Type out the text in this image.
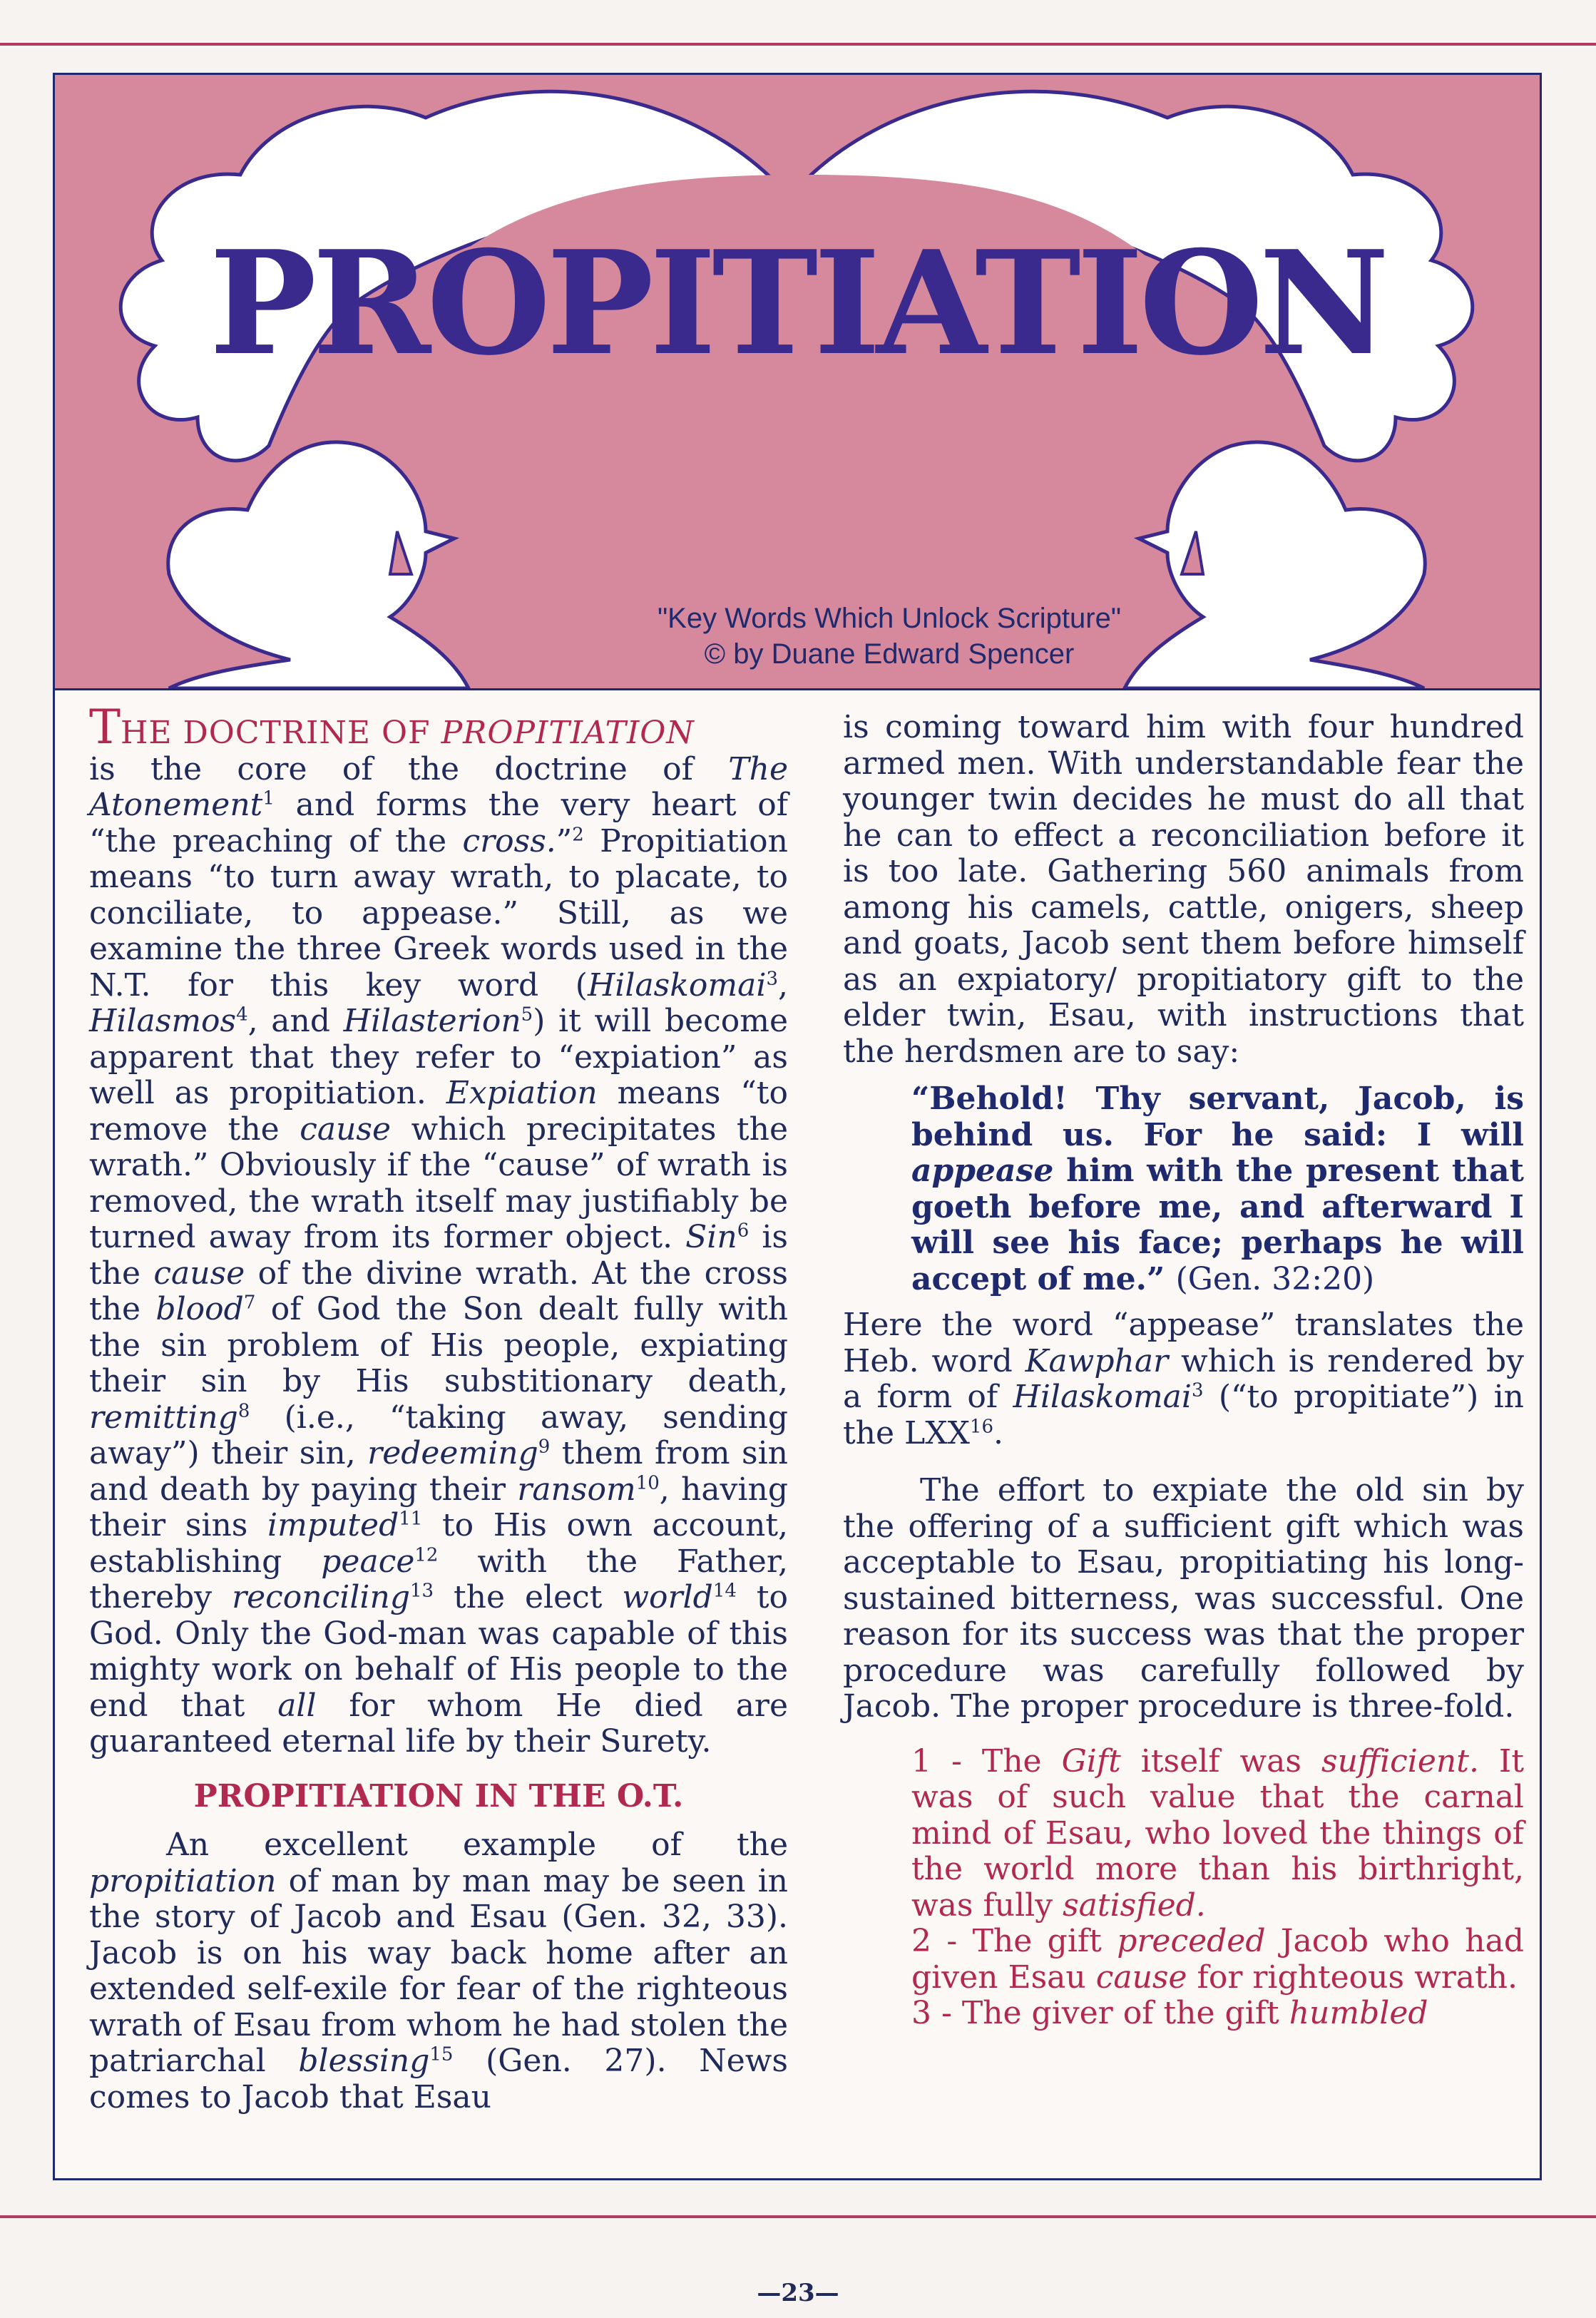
PROPITIATION
"Key Words Which Unlock Scripture"
© by Duane Edward Spencer

THE DOCTRINE OF PROPITIATION

is the core of the doctrine of The Atonement$^1$ and forms the very heart of “the preaching of the cross.”$^2$ Propitiation means “to turn away wrath, to placate, to conciliate, to appease.” Still, as we examine the three Greek words used in the N.T. for this key word (Hilaskomai$^3$, Hilasmos$^4$, and Hilasterion$^5$) it will become apparent that they refer to “expiation” as well as propitiation. Expiation means “to remove the cause which precipitates the wrath.” Obviously if the “cause” of wrath is removed, the wrath itself may justifiably be turned away from its former object. Sin$^6$ is the cause of the divine wrath. At the cross the blood$^7$ of God the Son dealt fully with the sin problem of His people, expiating their sin by His substitionary death, remitting$^8$ (i.e., “taking away, sending away”) their sin, redeeming$^9$ them from sin and death by paying their ransom$^{10}$, having their sins imputed$^{11}$ to His own account, establishing peace$^{12}$ with the Father, thereby reconciling$^{13}$ the elect world$^{14}$ to God. Only the God-man was capable of this mighty work on behalf of His people to the end that all for whom He died are guaranteed eternal life by their Surety.

PROPITIATION IN THE O.T.

An excellent example of the propitiation of man by man may be seen in the story of Jacob and Esau (Gen. 32, 33). Jacob is on his way back home after an extended self-exile for fear of the righteous wrath of Esau from whom he had stolen the patriarchal blessing$^{15}$ (Gen. 27). News comes to Jacob that Esau

is coming toward him with four hundred armed men. With understandable fear the younger twin decides he must do all that he can to effect a reconciliation before it is too late. Gathering 560 animals from among his camels, cattle, onigers, sheep and goats, Jacob sent them before himself as an expiatory/ propitiatory gift to the elder twin, Esau, with instructions that the herdsmen are to say:

“Behold! Thy servant, Jacob, is behind us. For he said: I will appease him with the present that goeth before me, and afterward I will see his face; perhaps he will accept of me.” (Gen. 32:20)

Here the word “appease” translates the Heb. word Kawphar which is rendered by a form of Hilaskomai$^3$ (“to propitiate”) in the LXX$^{16}$.

The effort to expiate the old sin by the offering of a sufficient gift which was acceptable to Esau, propitiating his long-sustained bitterness, was successful. One reason for its success was that the proper procedure was carefully followed by Jacob. The proper procedure is three-fold.

1 - The Gift itself was sufficient. It was of such value that the carnal mind of Esau, who loved the things of the world more than his birthright, was fully satisfied.

2 - The gift preceded Jacob who had given Esau cause for righteous wrath.

3 - The giver of the gift humbled

—23—
